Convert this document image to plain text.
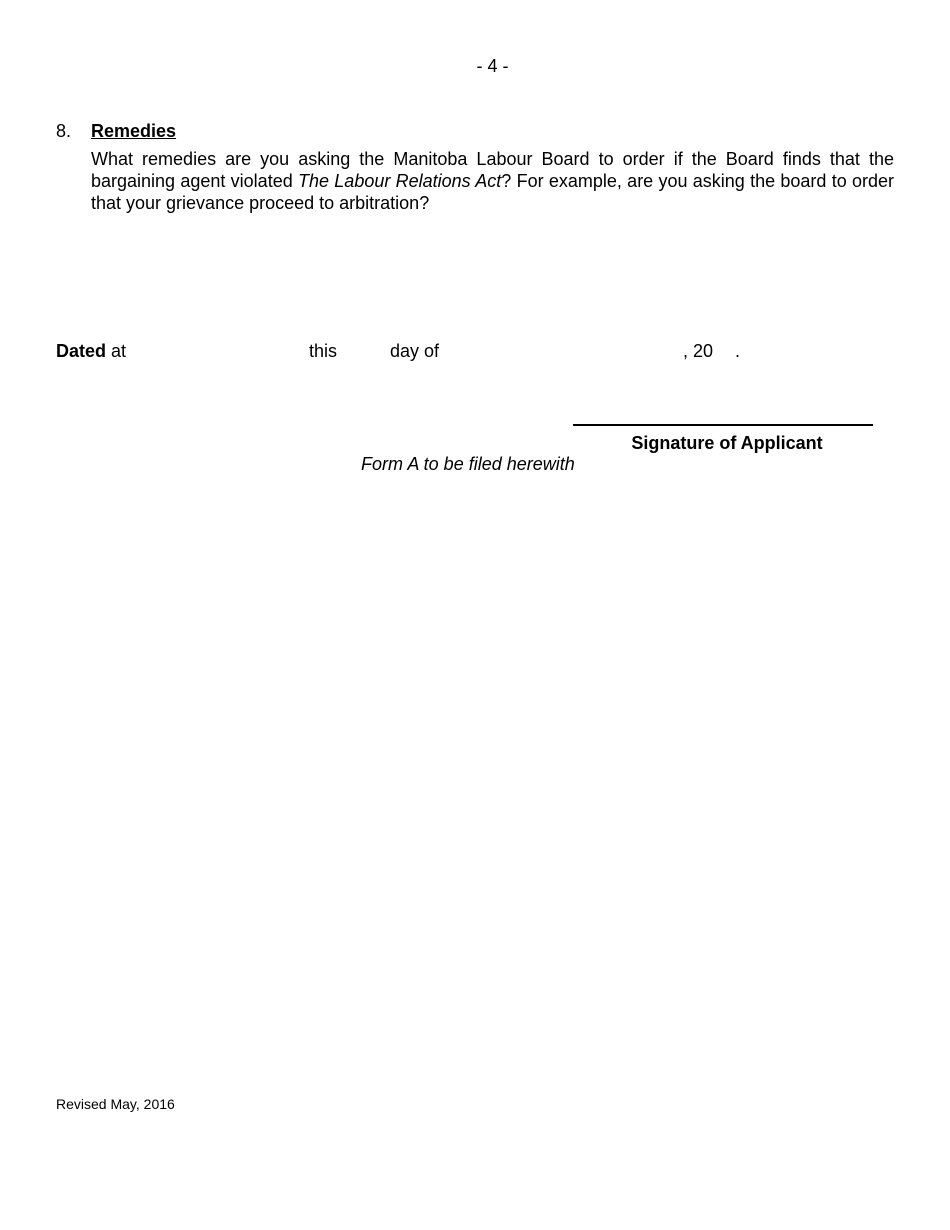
- 4 -
8. Remedies
What remedies are you asking the Manitoba Labour Board to order if the Board finds that the bargaining agent violated The Labour Relations Act? For example, are you asking the board to order that your grievance proceed to arbitration?
Dated at	this	day of	, 20 .
Signature of Applicant
Form A to be filed herewith
Revised May, 2016
